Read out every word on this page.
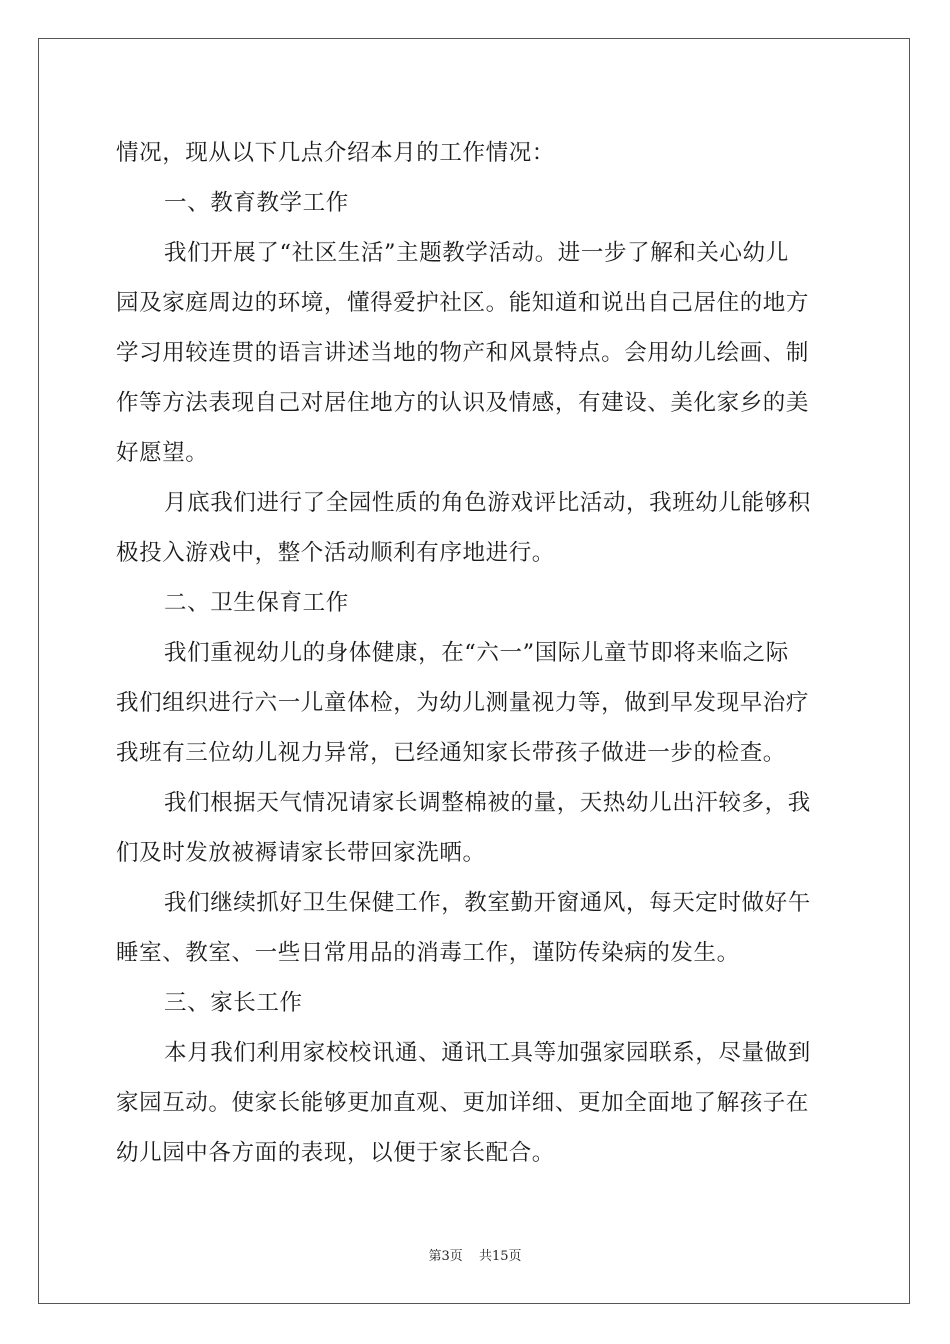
情况，现从以下几点介绍本月的工作情况：
一、教育教学工作
我们开展了“社区生活”主题教学活动。进一步了解和关心幼儿
园及家庭周边的环境，懂得爱护社区。能知道和说出自己居住的地方
学习用较连贯的语言讲述当地的物产和风景特点。会用幼儿绘画、制
作等方法表现自己对居住地方的认识及情感，有建设、美化家乡的美
好愿望。
月底我们进行了全园性质的角色游戏评比活动，我班幼儿能够积
极投入游戏中，整个活动顺利有序地进行。
二、卫生保育工作
我们重视幼儿的身体健康，在“六一”国际儿童节即将来临之际
我们组织进行六一儿童体检，为幼儿测量视力等，做到早发现早治疗
我班有三位幼儿视力异常，已经通知家长带孩子做进一步的检查。
我们根据天气情况请家长调整棉被的量，天热幼儿出汗较多，我
们及时发放被褥请家长带回家洗晒。
我们继续抓好卫生保健工作，教室勤开窗通风，每天定时做好午
睡室、教室、一些日常用品的消毒工作，谨防传染病的发生。
三、家长工作
本月我们利用家校校讯通、通讯工具等加强家园联系，尽量做到
家园互动。使家长能够更加直观、更加详细、更加全面地了解孩子在
幼儿园中各方面的表现，以便于家长配合。
第3页 共15页
